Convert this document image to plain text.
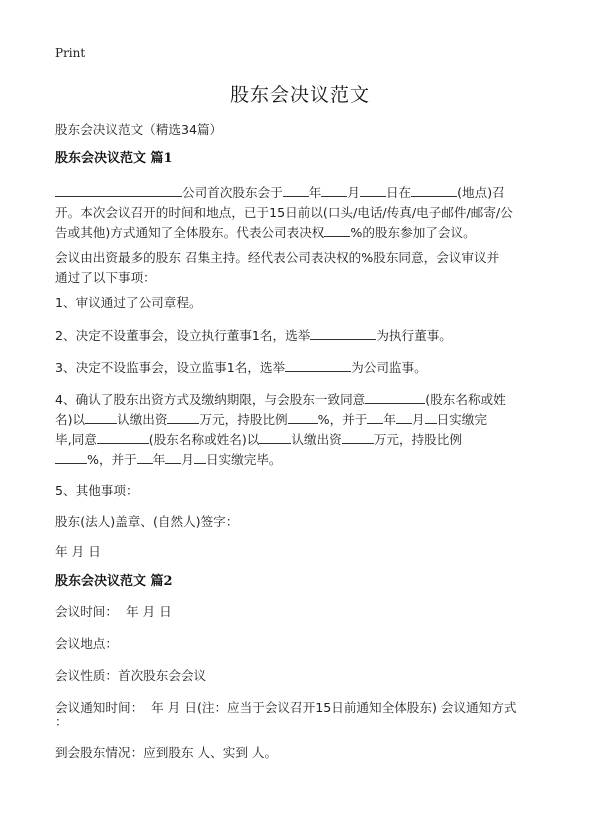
Print
股东会决议范文
股东会决议范文（精选34篇）
股东会决议范文 篇1
公司首次股东会于 年 月 日在	(地点)召
开。本次会议召开的时间和地点，已于15日前以(口头/电话/传真/电子邮件/邮寄/公
告或其他)方式通知了全体股东。代表公司表决权 %的股东参加了会议。
会议由出资最多的股东 召集主持。经代表公司表决权的%股东同意，会议审议并
通过了以下事项：
1、审议通过了公司章程。
2、决定不设董事会，设立执行董事1名，选举	为执行董事。
3、决定不设监事会，设立监事1名，选举	为公司监事。
4、确认了股东出资方式及缴纳期限，与会股东一致同意	(股东名称或姓
名)以	认缴出资	万元，持股比例 %，并于 年 月 日实缴完
毕,同意	(股东名称或姓名)以	认缴出资	万元，持股比例
%，并于 年 月 日实缴完毕。
5、其他事项：
股东(法人)盖章、(自然人)签字：
年 月 日
股东会决议范文 篇2
会议时间：  年 月 日
会议地点：
会议性质：首次股东会会议
会议通知时间：  年 月 日(注：应当于会议召开15日前通知全体股东) 会议通知方式
：
到会股东情况：应到股东 人、实到 人。
